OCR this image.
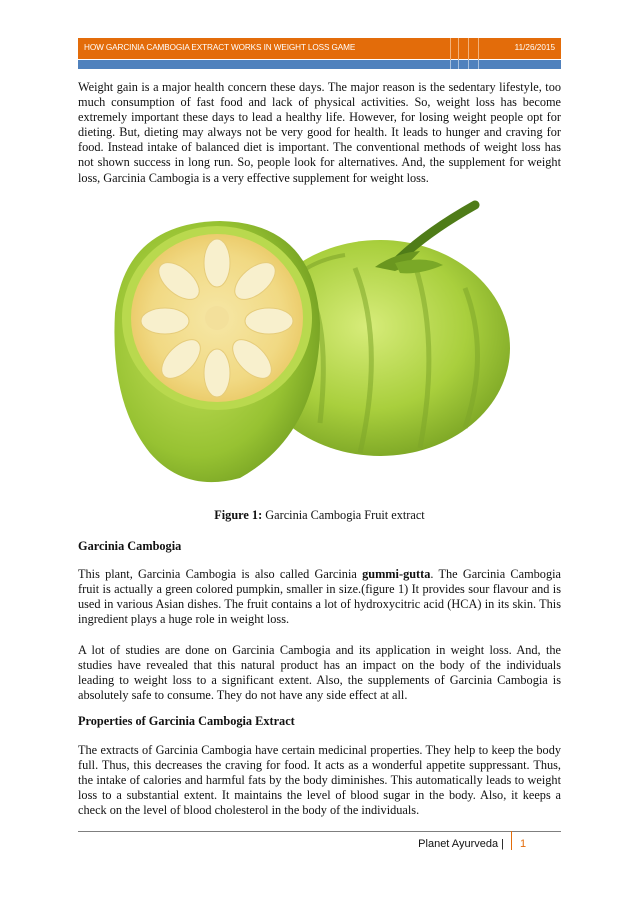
HOW GARCINIA CAMBOGIA EXTRACT WORKS IN WEIGHT LOSS GAME	11/26/2015

Weight gain is a major health concern these days. The major reason is the sedentary lifestyle, too much consumption of fast food and lack of physical activities. So, weight loss has become extremely important these days to lead a healthy life. However, for losing weight people opt for dieting. But, dieting may always not be very good for health. It leads to hunger and craving for food. Instead intake of balanced diet is important. The conventional methods of weight loss has not shown success in long run. So, people look for alternatives. And, the supplement for weight loss, Garcinia Cambogia is a very effective supplement for weight loss.

Figure 1: Garcinia Cambogia Fruit extract
Garcinia Cambogia

This plant, Garcinia Cambogia is also called Garcinia gummi-gutta. The Garcinia Cambogia fruit is actually a green colored pumpkin, smaller in size.(figure 1) It provides sour flavour and is used in various Asian dishes. The fruit contains a lot of hydroxycitric acid (HCA) in its skin. This ingredient plays a huge role in weight loss.

A lot of studies are done on Garcinia Cambogia and its application in weight loss. And, the studies have revealed that this natural product has an impact on the body of the individuals leading to weight loss to a significant extent. Also, the supplements of Garcinia Cambogia is absolutely safe to consume. They do not have any side effect at all.

Properties of Garcinia Cambogia Extract

The extracts of Garcinia Cambogia have certain medicinal properties. They help to keep the body full. Thus, this decreases the craving for food. It acts as a wonderful appetite suppressant. Thus, the intake of calories and harmful fats by the body diminishes. This automatically leads to weight loss to a substantial extent. It maintains the level of blood sugar in the body. Also, it keeps a check on the level of blood cholesterol in the body of the individuals.

Planet Ayurveda | 1
